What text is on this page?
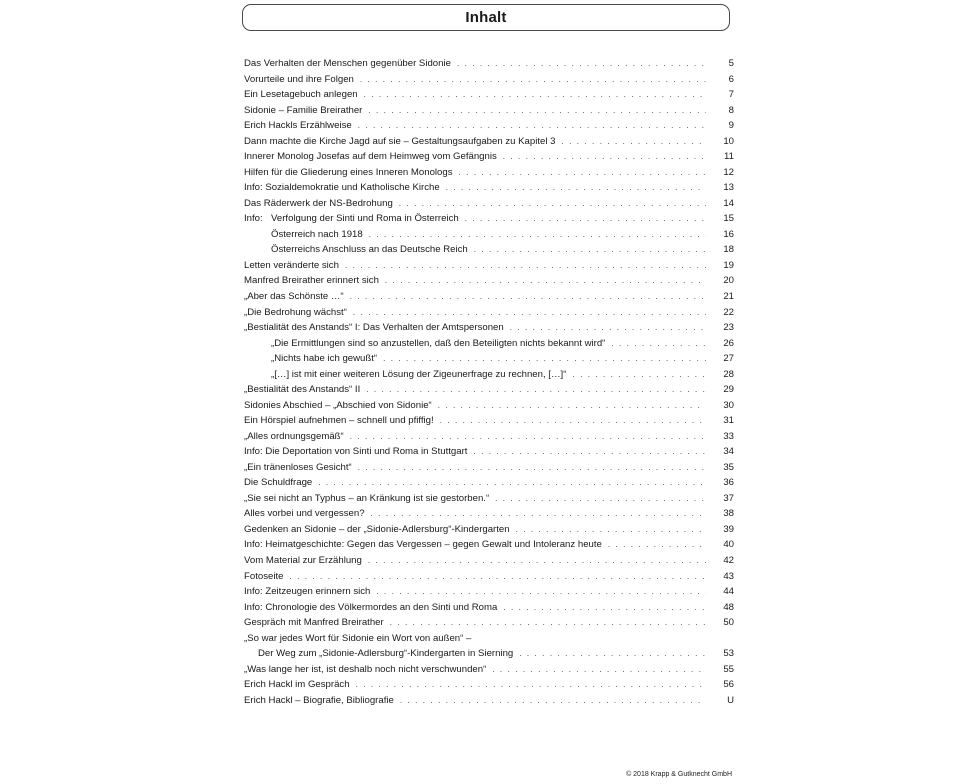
Inhalt
Das Verhalten der Menschen gegenüber Sidonie . . .	5
Vorurteile und ihre Folgen . . .	6
Ein Lesetagebuch anlegen . . .	7
Sidonie – Familie Breirather . . .	8
Erich Hackls Erzählweise . . .	9
Dann machte die Kirche Jagd auf sie – Gestaltungsaufgaben zu Kapitel 3 . . .	10
Innerer Monolog Josefas auf dem Heimweg vom Gefängnis . . .	11
Hilfen für die Gliederung eines Inneren Monologs . . .	12
Info: Sozialdemokratie und Katholische Kirche . . .	13
Das Räderwerk der NS-Bedrohung . . .	14
Info: Verfolgung der Sinti und Roma in Österreich . . .	15
Österreich nach 1918 . . .	16
Österreichs Anschluss an das Deutsche Reich . . .	18
Letten veränderte sich . . .	19
Manfred Breirather erinnert sich . . .	20
„Aber das Schönste …“ . . .	21
„Die Bedrohung wächst“ . . .	22
„Bestialität des Anstands“ I: Das Verhalten der Amtspersonen . . .	23
„Die Ermittlungen sind so anzustellen, daß den Beteiligten nichts bekannt wird“ . . .	26
„Nichts habe ich gewußt“ . . .	27
„[…] ist mit einer weiteren Lösung der Zigeunerfrage zu rechnen, […]“ . . .	28
„Bestialität des Anstands“ II . . .	29
Sidonies Abschied – „Abschied von Sidonie“ . . .	30
Ein Hörspiel aufnehmen – schnell und pfiffig! . . .	31
„Alles ordnungsgemäß“ . . .	33
Info: Die Deportation von Sinti und Roma in Stuttgart . . .	34
„Ein tränenloses Gesicht“ . . .	35
Die Schuldfrage . . .	36
„Sie sei nicht an Typhus – an Kränkung ist sie gestorben.“ . . .	37
Alles vorbei und vergessen? . . .	38
Gedenken an Sidonie – der „Sidonie-Adlersburg“-Kindergarten . . .	39
Info: Heimatgeschichte: Gegen das Vergessen – gegen Gewalt und Intoleranz heute . . .	40
Vom Material zur Erzählung . . .	42
Fotoseite . . .	43
Info: Zeitzeugen erinnern sich . . .	44
Info: Chronologie des Völkermordes an den Sinti und Roma . . .	48
Gespräch mit Manfred Breirather . . .	50
„So war jedes Wort für Sidonie ein Wort von außen“ –
Der Weg zum „Sidonie-Adlersburg“-Kindergarten in Sierning . . .	53
„Was lange her ist, ist deshalb noch nicht verschwunden“ . . .	55
Erich Hackl im Gespräch . . .	56
Erich Hackl – Biografie, Bibliografie . . .	U
© 2018 Krapp & Gutknecht GmbH
